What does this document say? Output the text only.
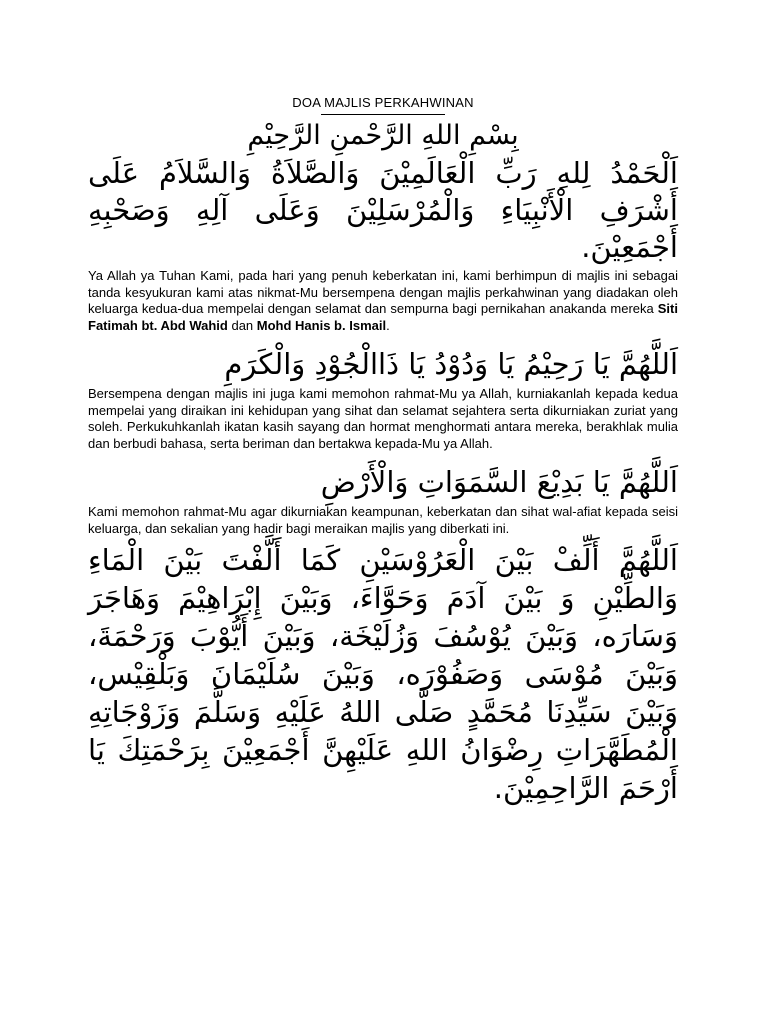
DOA MAJLIS PERKAHWINAN

بِسْمِ اللهِ الرَّحْمنِ الرَّحِيْمِ

اَلْحَمْدُ لِلهِ رَبِّ الْعَالَمِيْنَ وَالصَّلاَةُ وَالسَّلاَمُ عَلَى أَشْرَفِ الْأَنْبِيَاءِ وَالْمُرْسَلِيْنَ وَعَلَى آلِهِ وَصَحْبِهِ أَجْمَعِيْنَ.

Ya Allah ya Tuhan Kami, pada hari yang penuh keberkatan ini, kami berhimpun di majlis ini sebagai tanda kesyukuran kami atas nikmat-Mu bersempena dengan majlis perkahwinan yang diadakan oleh keluarga kedua-dua mempelai dengan selamat dan sempurna bagi pernikahan anakanda mereka Siti Fatimah bt. Abd Wahid dan Mohd Hanis b. Ismail.

اَللَّهُمَّ يَا رَحِيْمُ يَا وَدُوْدُ يَا ذَاالْجُوْدِ وَالْكَرَمِ

Bersempena dengan majlis ini juga kami memohon rahmat-Mu ya Allah, kurniakanlah kepada kedua mempelai yang diraikan ini kehidupan yang sihat dan selamat sejahtera serta dikurniakan zuriat yang soleh. Perkukuhkanlah ikatan kasih sayang dan hormat menghormati antara mereka, berakhlak mulia dan berbudi bahasa, serta beriman dan bertakwa kepada-Mu ya Allah.

اَللَّهُمَّ يَا بَدِيْعَ السَّمَوَاتِ وَالْأَرْضِ

Kami memohon rahmat-Mu agar dikurniakan keampunan, keberkatan dan sihat wal-afiat kepada seisi keluarga, dan sekalian yang hadir bagi meraikan majlis yang diberkati ini.

اَللَّهُمَّ أَلِّفْ بَيْنَ الْعَرُوْسَيْنِ كَمَا أَلَّفْتَ بَيْنَ الْمَاءِ وَالطِّيْنِ وَ بَيْنَ آدَمَ وَحَوَّاءَ، وَبَيْنَ إِبْرَاهِيْمَ وَهَاجَرَ وَسَارَه، وَبَيْنَ يُوْسُفَ وَزُلَيْخَة، وَبَيْنَ أَيُّوْبَ وَرَحْمَةَ، وَبَيْنَ مُوْسَى وَصَفُوْرَه، وَبَيْنَ سُلَيْمَانَ وَبَلْقِيْس، وَبَيْنَ سَيِّدِنَا مُحَمَّدٍ صَلَّى اللهُ عَلَيْهِ وَسَلَّمَ وَزَوْجَاتِهِ الْمُطَهَّرَاتِ رِضْوَانُ اللهِ عَلَيْهِنَّ أَجْمَعِيْنَ بِرَحْمَتِكَ يَا أَرْحَمَ الرَّاحِمِيْنَ.
